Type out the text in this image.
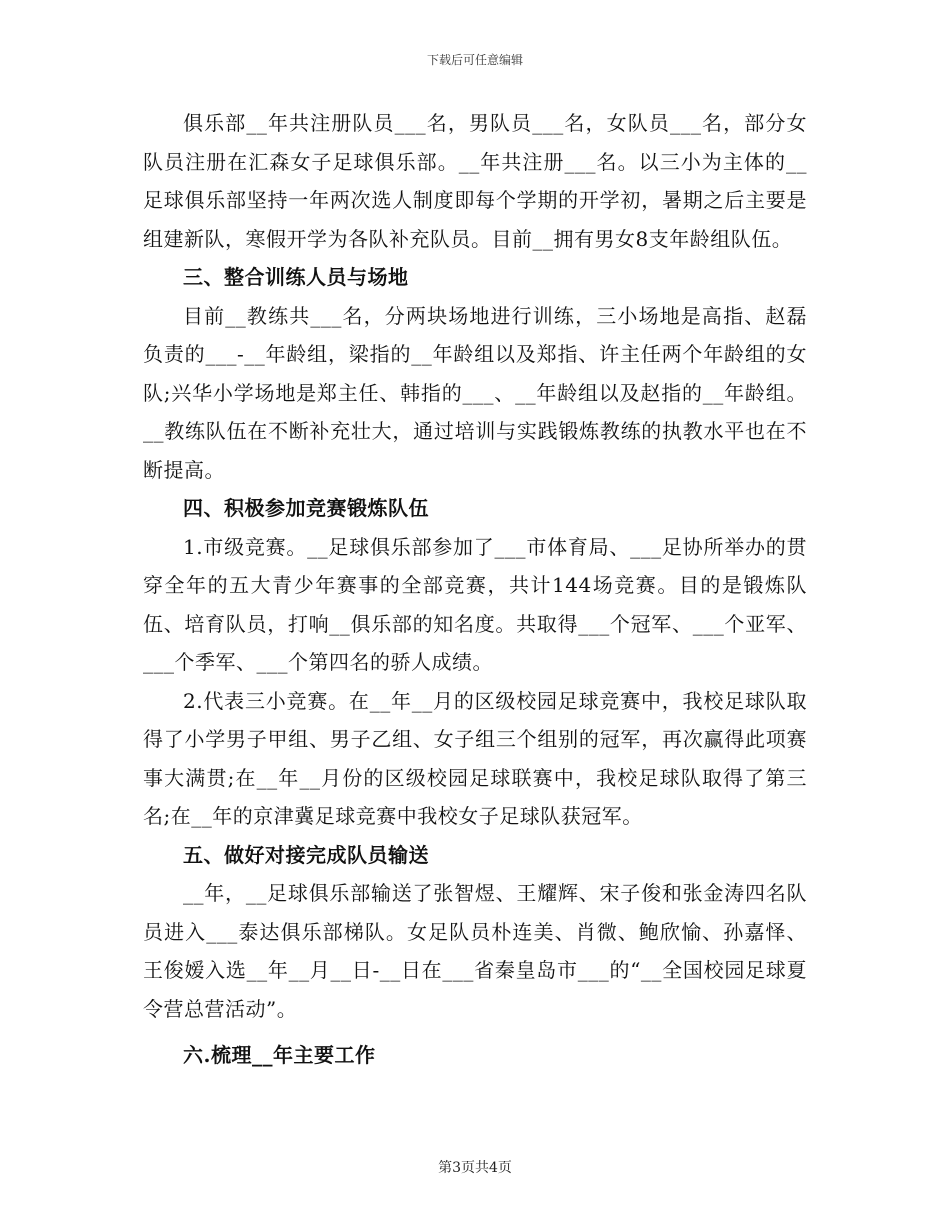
下载后可任意编辑

俱乐部__年共注册队员___名，男队员___名，女队员___名，部分女队员注册在汇森女子足球俱乐部。__年共注册___名。以三小为主体的__足球俱乐部坚持一年两次选人制度即每个学期的开学初，暑期之后主要是组建新队，寒假开学为各队补充队员。目前__拥有男女8支年龄组队伍。

三、整合训练人员与场地

目前__教练共___名，分两块场地进行训练，三小场地是高指、赵磊负责的___-__年龄组，梁指的__年龄组以及郑指、许主任两个年龄组的女队;兴华小学场地是郑主任、韩指的___、__年龄组以及赵指的__年龄组。__教练队伍在不断补充壮大，通过培训与实践锻炼教练的执教水平也在不断提高。

四、积极参加竞赛锻炼队伍

1.市级竞赛。__足球俱乐部参加了___市体育局、___足协所举办的贯穿全年的五大青少年赛事的全部竞赛，共计144场竞赛。目的是锻炼队伍、培育队员，打响__俱乐部的知名度。共取得___个冠军、___个亚军、___个季军、___个第四名的骄人成绩。

2.代表三小竞赛。在__年__月的区级校园足球竞赛中，我校足球队取得了小学男子甲组、男子乙组、女子组三个组别的冠军，再次赢得此项赛事大满贯;在__年__月份的区级校园足球联赛中，我校足球队取得了第三名;在__年的京津冀足球竞赛中我校女子足球队获冠军。

五、做好对接完成队员输送

__年，__足球俱乐部输送了张智煜、王耀辉、宋子俊和张金涛四名队员进入___泰达俱乐部梯队。女足队员朴连美、肖微、鲍欣愉、孙嘉怿、王俊嫒入选__年__月__日-__日在___省秦皇岛市___的“__全国校园足球夏令营总营活动”。

六.梳理__年主要工作

第3页共4页
